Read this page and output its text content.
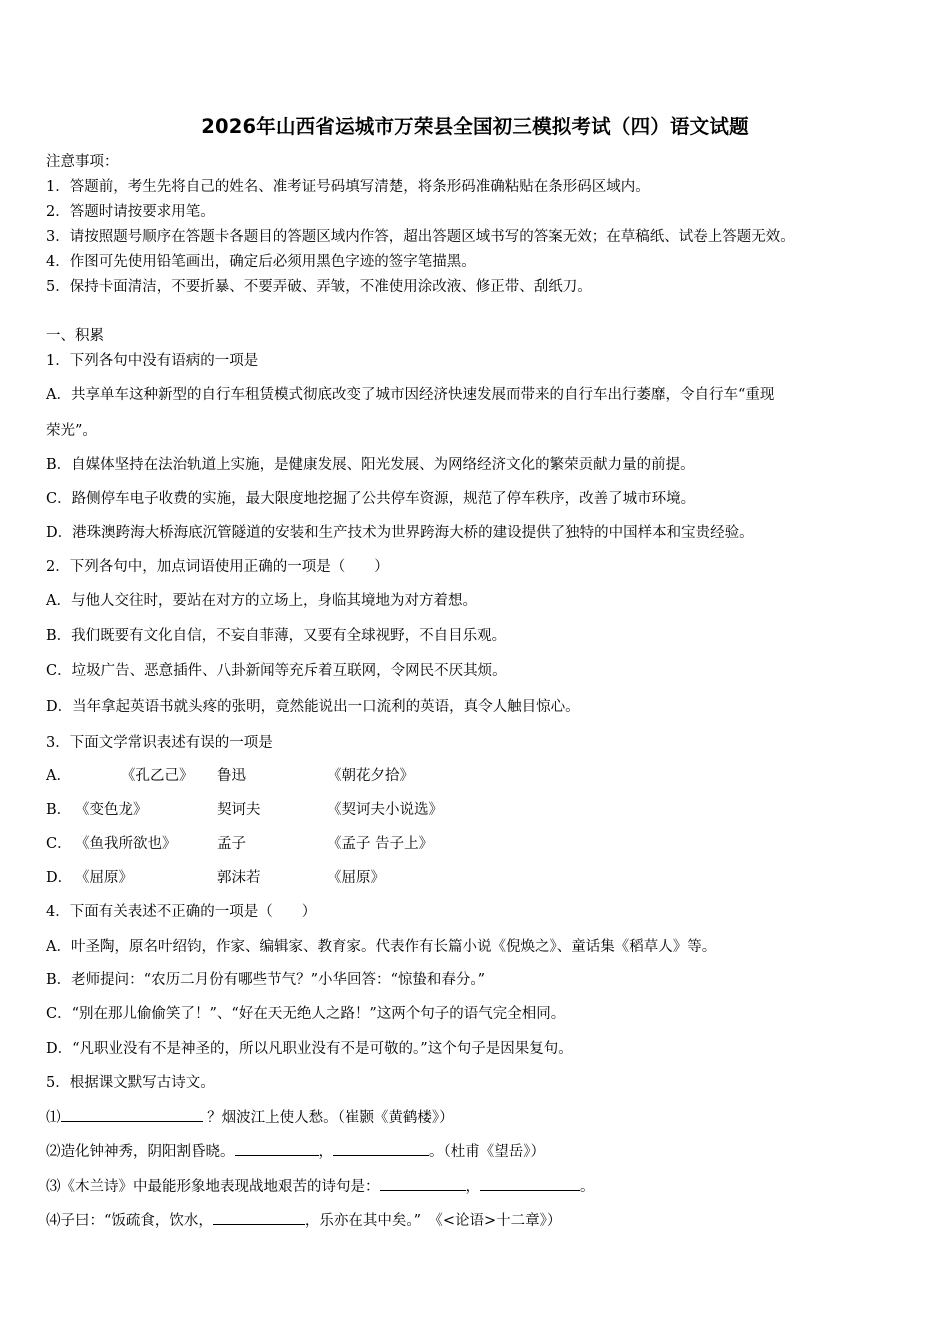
2026年山西省运城市万荣县全国初三模拟考试（四）语文试题
注意事项：
1．答题前，考生先将自己的姓名、准考证号码填写清楚，将条形码准确粘贴在条形码区域内。
2．答题时请按要求用笔。
3．请按照题号顺序在答题卡各题目的答题区域内作答，超出答题区域书写的答案无效；在草稿纸、试卷上答题无效。
4．作图可先使用铅笔画出，确定后必须用黑色字迹的签字笔描黑。
5．保持卡面清洁，不要折暴、不要弄破、弄皱，不准使用涂改液、修正带、刮纸刀。
一、积累
1．下列各句中没有语病的一项是
A．共享单车这种新型的自行车租赁模式彻底改变了城市因经济快速发展而带来的自行车出行萎靡，令自行车“重现
荣光”。
B．自媒体坚持在法治轨道上实施，是健康发展、阳光发展、为网络经济文化的繁荣贡献力量的前提。
C．路侧停车电子收费的实施，最大限度地挖掘了公共停车资源，规范了停车秩序，改善了城市环境。
D．港珠澳跨海大桥海底沉管隧道的安装和生产技术为世界跨海大桥的建设提供了独特的中国样本和宝贵经验。
2．下列各句中，加点词语使用正确的一项是（　　）
A．与他人交往时，要站在对方的立场上，身临其境地为对方着想。
B．我们既要有文化自信，不妄自菲薄，又要有全球视野，不自目乐观。
C．垃圾广告、恶意插件、八卦新闻等充斥着互联网，令网民不厌其烦。
D．当年拿起英语书就头疼的张明，竟然能说出一口流利的英语，真令人触目惊心。
3．下面文学常识表述有误的一项是
A．	《孔乙己》 鲁迅	《朝花夕拾》
B． 《变色龙》	契诃夫	《契诃夫小说选》
C． 《鱼我所欲也》	孟子	《孟子 告子上》
D． 《屈原》	郭沫若	《屈原》
4．下面有关表述不正确的一项是（　　）
A．叶圣陶，原名叶绍钧，作家、编辑家、教育家。代表作有长篇小说《倪焕之》、童话集《稻草人》等。
B．老师提问：“农历二月份有哪些节气？”小华回答：“惊蛰和春分。”
C．“别在那儿偷偷笑了！”、“好在天无绝人之路！”这两个句子的语气完全相同。
D．“凡职业没有不是神圣的，所以凡职业没有不是可敬的。”这个句子是因果复句。
5．根据课文默写古诗文。
⑴	？烟波江上使人愁。（崔颢《黄鹤楼》）
⑵造化钟神秀，阴阳割昏晓。	，	。（杜甫《望岳》）
⑶《木兰诗》中最能形象地表现战地艰苦的诗句是：	，	。
⑷子曰：“饭疏食，饮水，	，乐亦在其中矣。”　《<论语>十二章》）
